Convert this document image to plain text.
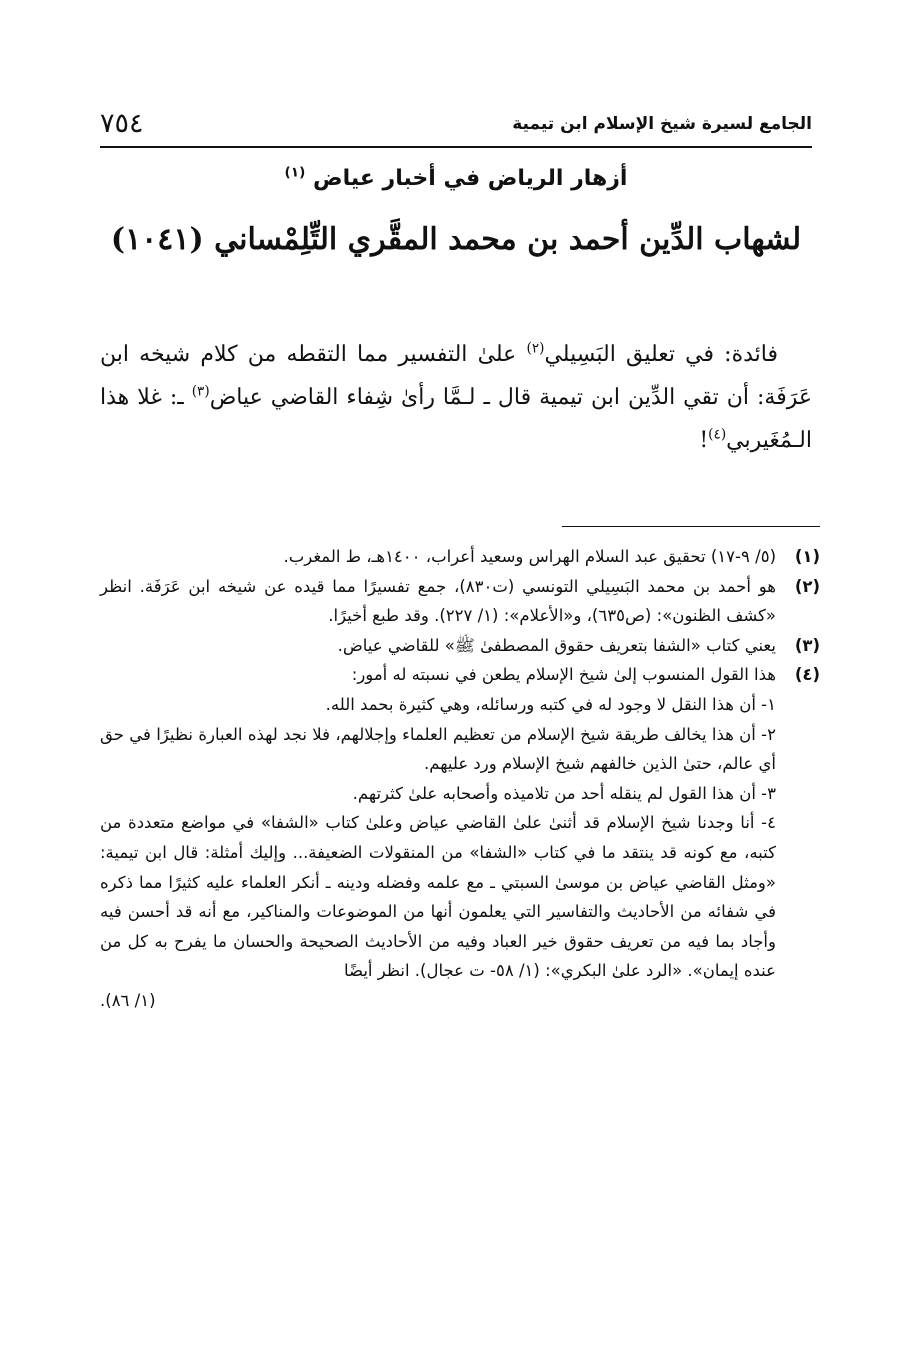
الجامع لسيرة شيخ الإسلام ابن تيمية
٧٥٤
أزهار الرياض في أخبار عياض $^{(١)}$
لشهاب الدِّين أحمد بن محمد المقَّري التِّلِمْساني (١٠٤١)

فائدة: في تعليق البَسِيلي$^{(٢)}$ علىٰ التفسير مما التقطه من كلام شيخه ابن عَرَفَة: أن تقي الدِّين ابن تيمية قال ـ لـمَّا رأىٰ شِفاء القاضي عياض$^{(٣)}$ ـ: غلا هذا الـمُغَيربي$^{(٤)}$!

(١)
(٥/ ٩-١٧) تحقيق عبد السلام الهراس وسعيد أعراب، ١٤٠٠هـ، ط المغرب.
(٢)
هو أحمد بن محمد البَسِيلي التونسي (ت٨٣٠)، جمع تفسيرًا مما قيده عن شيخه ابن عَرَفَة. انظر «كشف الظنون»: (ص٦٣٥)، و«الأعلام»: (١/ ٢٢٧). وقد طبع أخيرًا.
(٣)
يعني كتاب «الشفا بتعريف حقوق المصطفىٰ ﷺ» للقاضي عياض.
(٤)
هذا القول المنسوب إلىٰ شيخ الإسلام يطعن في نسبته له أمور:
١- أن هذا النقل لا وجود له في كتبه ورسائله، وهي كثيرة بحمد الله.
٢- أن هذا يخالف طريقة شيخ الإسلام من تعظيم العلماء وإجلالهم، فلا نجد لهذه العبارة نظيرًا في حق أي عالم، حتىٰ الذين خالفهم شيخ الإسلام ورد عليهم.
٣- أن هذا القول لم ينقله أحد من تلاميذه وأصحابه علىٰ كثرتهم.
٤- أنا وجدنا شيخ الإسلام قد أثنىٰ علىٰ القاضي عياض وعلىٰ كتاب «الشفا» في مواضع متعددة من كتبه، مع كونه قد ينتقد ما في كتاب «الشفا» من المنقولات الضعيفة... وإليك أمثلة: قال ابن تيمية: «ومثل القاضي عياض بن موسىٰ السبتي ـ مع علمه وفضله ودينه ـ أنكر العلماء عليه كثيرًا مما ذكره في شفائه من الأحاديث والتفاسير التي يعلمون أنها من الموضوعات والمناكير، مع أنه قد أحسن فيه وأجاد بما فيه من تعريف حقوق خير العباد وفيه من الأحاديث الصحيحة والحسان ما يفرح به كل من عنده إيمان». «الرد علىٰ البكري»: (١/ ٥٨- ت عجال). انظر أيضًا
(١/ ٨٦).
